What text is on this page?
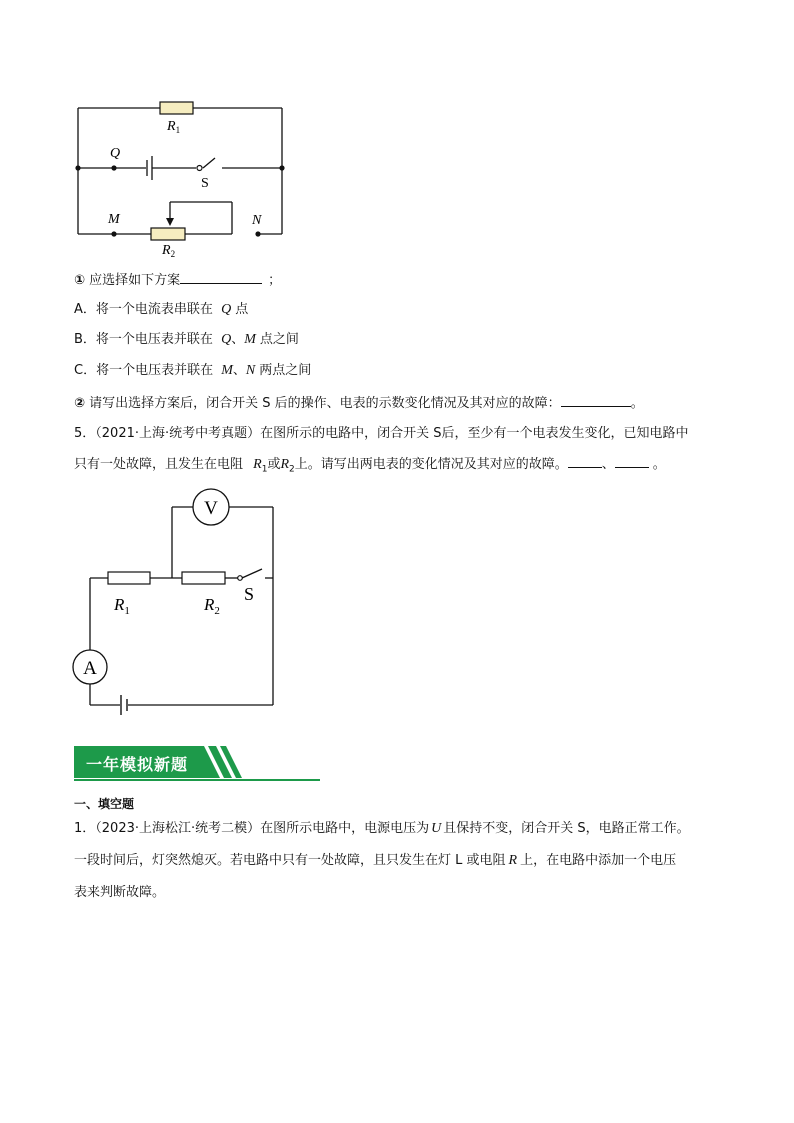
$R_1$
Q
S
M	N
$R_2$
① 应选择如下方案	；
A．将一个电流表串联在 Q 点
B．将一个电压表并联在 Q、M 点之间
C．将一个电压表并联在 M、N 两点之间
② 请写出选择方案后，闭合开关 S 后的操作、电表的示数变化情况及其对应的故障：	。
5．（2021·上海·统考中考真题）在图所示的电路中，闭合开关 S后，至少有一个电表发生变化，已知电路中
只有一处故障，且发生在电阻 $R_1$或$R_2$上。请写出两电表的变化情况及其对应的故障。	、	。
V
A
$R_1$	$R_2$
S
一年模拟新题
一、填空题
1．（2023·上海松江·统考二模）在图所示电路中，电源电压为 U 且保持不变，闭合开关 S，电路正常工作。
一段时间后，灯突然熄灭。若电路中只有一处故障，且只发生在灯 L 或电阻 R 上，在电路中添加一个电压
表来判断故障。
